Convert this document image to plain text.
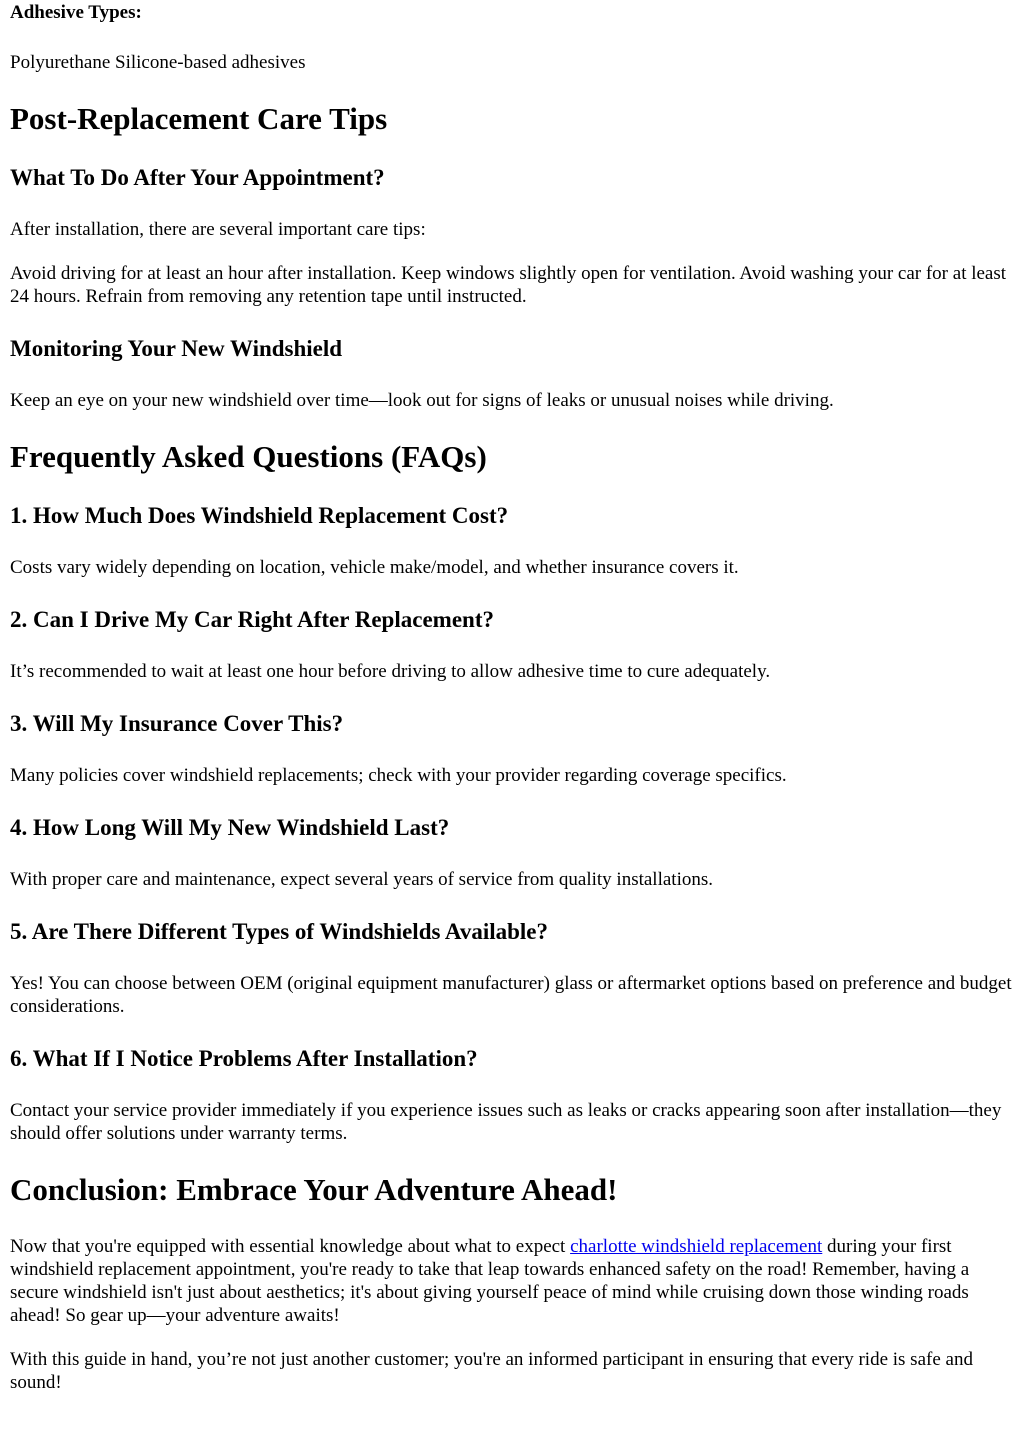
Adhesive Types:

Polyurethane Silicone-based adhesives

Post-Replacement Care Tips
What To Do After Your Appointment?

After installation, there are several important care tips:

Avoid driving for at least an hour after installation. Keep windows slightly open for ventilation. Avoid washing your car for at least 24 hours. Refrain from removing any retention tape until instructed.

Monitoring Your New Windshield

Keep an eye on your new windshield over time—look out for signs of leaks or unusual noises while driving.

Frequently Asked Questions (FAQs)
1. How Much Does Windshield Replacement Cost?

Costs vary widely depending on location, vehicle make/model, and whether insurance covers it.

2. Can I Drive My Car Right After Replacement?

It’s recommended to wait at least one hour before driving to allow adhesive time to cure adequately.

3. Will My Insurance Cover This?

Many policies cover windshield replacements; check with your provider regarding coverage specifics.

4. How Long Will My New Windshield Last?

With proper care and maintenance, expect several years of service from quality installations.

5. Are There Different Types of Windshields Available?

Yes! You can choose between OEM (original equipment manufacturer) glass or aftermarket options based on preference and budget considerations.

6. What If I Notice Problems After Installation?

Contact your service provider immediately if you experience issues such as leaks or cracks appearing soon after installation—they should offer solutions under warranty terms.

Conclusion: Embrace Your Adventure Ahead!

Now that you're equipped with essential knowledge about what to expect charlotte windshield replacement during your first windshield replacement appointment, you're ready to take that leap towards enhanced safety on the road! Remember, having a secure windshield isn't just about aesthetics; it's about giving yourself peace of mind while cruising down those winding roads ahead! So gear up—your adventure awaits!

With this guide in hand, you’re not just another customer; you're an informed participant in ensuring that every ride is safe and sound!
